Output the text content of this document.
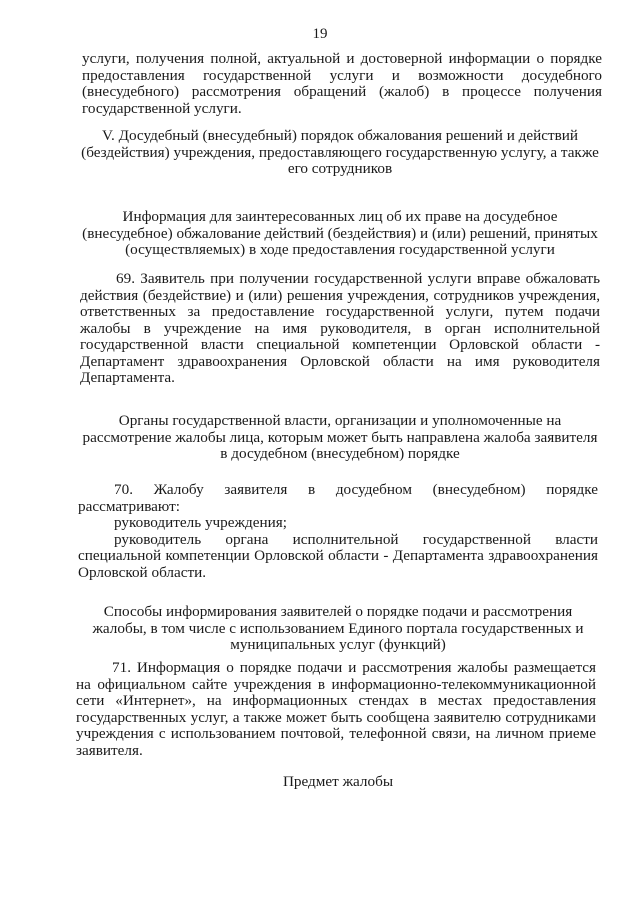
19
услуги, получения полной, актуальной и достоверной информации о порядке
предоставления государственной услуги и возможности досудебного
(внесудебного) рассмотрения обращений (жалоб) в процессе получения
государственной услуги.
V. Досудебный (внесудебный) порядок обжалования решений и действий
(бездействия) учреждения, предоставляющего государственную услугу, а также
его сотрудников
Информация для заинтересованных лиц об их праве на досудебное
(внесудебное) обжалование действий (бездействия) и (или) решений, принятых
(осуществляемых) в ходе предоставления государственной услуги
69. Заявитель при получении государственной услуги вправе обжаловать
действия (бездействие) и (или) решения учреждения, сотрудников учреждения,
ответственных за предоставление государственной услуги, путем подачи
жалобы в учреждение на имя руководителя, в орган исполнительной
государственной власти специальной компетенции Орловской области -
Департамент здравоохранения Орловской области на имя руководителя
Департамента.
Органы государственной власти, организации и уполномоченные на
рассмотрение жалобы лица, которым может быть направлена жалоба заявителя
в досудебном (внесудебном) порядке
70. Жалобу заявителя в досудебном (внесудебном) порядке
рассматривают:
руководитель учреждения;
руководитель органа исполнительной государственной власти
специальной компетенции Орловской области - Департамента здравоохранения
Орловской области.
Способы информирования заявителей о порядке подачи и рассмотрения
жалобы, в том числе с использованием Единого портала государственных и
муниципальных услуг (функций)
71. Информация о порядке подачи и рассмотрения жалобы размещается
на официальном сайте учреждения в информационно-телекоммуникационной
сети «Интернет», на информационных стендах в местах предоставления
государственных услуг, а также может быть сообщена заявителю сотрудниками
учреждения с использованием почтовой, телефонной связи, на личном приеме
заявителя.
Предмет жалобы
